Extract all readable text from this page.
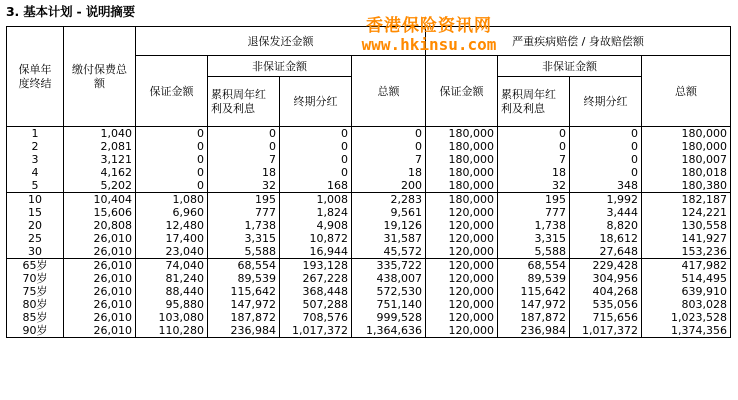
3. 基本计划 - 说明摘要
保单年度终结	缴付保费总额	退保发还金额				严重疾病赔偿 / 身故赔偿额			
		保证金额	非保证金额		总额	保证金额	非保证金额		总额
			累积周年红利及利息	终期分红			累积周年红利及利息	终期分红	
1	1,040	0	0	0	0	180,000	0	0	180,000
2	2,081	0	0	0	0	180,000	0	0	180,000
3	3,121	0	7	0	7	180,000	7	0	180,007
4	4,162	0	18	0	18	180,000	18	0	180,018
5	5,202	0	32	168	200	180,000	32	348	180,380
10	10,404	1,080	195	1,008	2,283	180,000	195	1,992	182,187
15	15,606	6,960	777	1,824	9,561	120,000	777	3,444	124,221
20	20,808	12,480	1,738	4,908	19,126	120,000	1,738	8,820	130,558
25	26,010	17,400	3,315	10,872	31,587	120,000	3,315	18,612	141,927
30	26,010	23,040	5,588	16,944	45,572	120,000	5,588	27,648	153,236
65岁	26,010	74,040	68,554	193,128	335,722	120,000	68,554	229,428	417,982
70岁	26,010	81,240	89,539	267,228	438,007	120,000	89,539	304,956	514,495
75岁	26,010	88,440	115,642	368,448	572,530	120,000	115,642	404,268	639,910
80岁	26,010	95,880	147,972	507,288	751,140	120,000	147,972	535,056	803,028
85岁	26,010	103,080	187,872	708,576	999,528	120,000	187,872	715,656	1,023,528
90岁	26,010	110,280	236,984	1,017,372	1,364,636	120,000	236,984	1,017,372	1,374,356
香港保险资讯网
www.hkinsu.com
